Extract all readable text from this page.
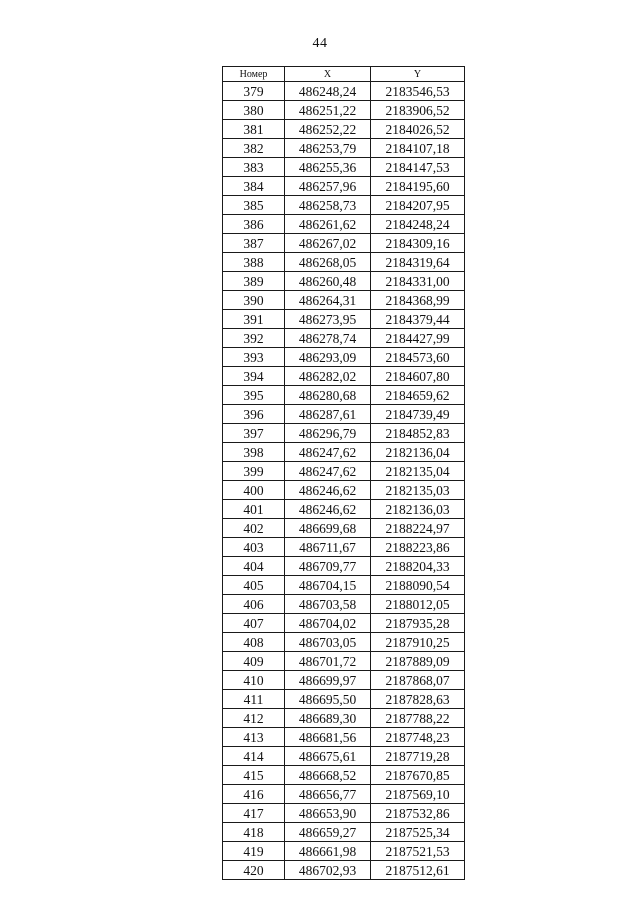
44
Номер	X	Y
379	486248,24	2183546,53
380	486251,22	2183906,52
381	486252,22	2184026,52
382	486253,79	2184107,18
383	486255,36	2184147,53
384	486257,96	2184195,60
385	486258,73	2184207,95
386	486261,62	2184248,24
387	486267,02	2184309,16
388	486268,05	2184319,64
389	486260,48	2184331,00
390	486264,31	2184368,99
391	486273,95	2184379,44
392	486278,74	2184427,99
393	486293,09	2184573,60
394	486282,02	2184607,80
395	486280,68	2184659,62
396	486287,61	2184739,49
397	486296,79	2184852,83
398	486247,62	2182136,04
399	486247,62	2182135,04
400	486246,62	2182135,03
401	486246,62	2182136,03
402	486699,68	2188224,97
403	486711,67	2188223,86
404	486709,77	2188204,33
405	486704,15	2188090,54
406	486703,58	2188012,05
407	486704,02	2187935,28
408	486703,05	2187910,25
409	486701,72	2187889,09
410	486699,97	2187868,07
411	486695,50	2187828,63
412	486689,30	2187788,22
413	486681,56	2187748,23
414	486675,61	2187719,28
415	486668,52	2187670,85
416	486656,77	2187569,10
417	486653,90	2187532,86
418	486659,27	2187525,34
419	486661,98	2187521,53
420	486702,93	2187512,61
